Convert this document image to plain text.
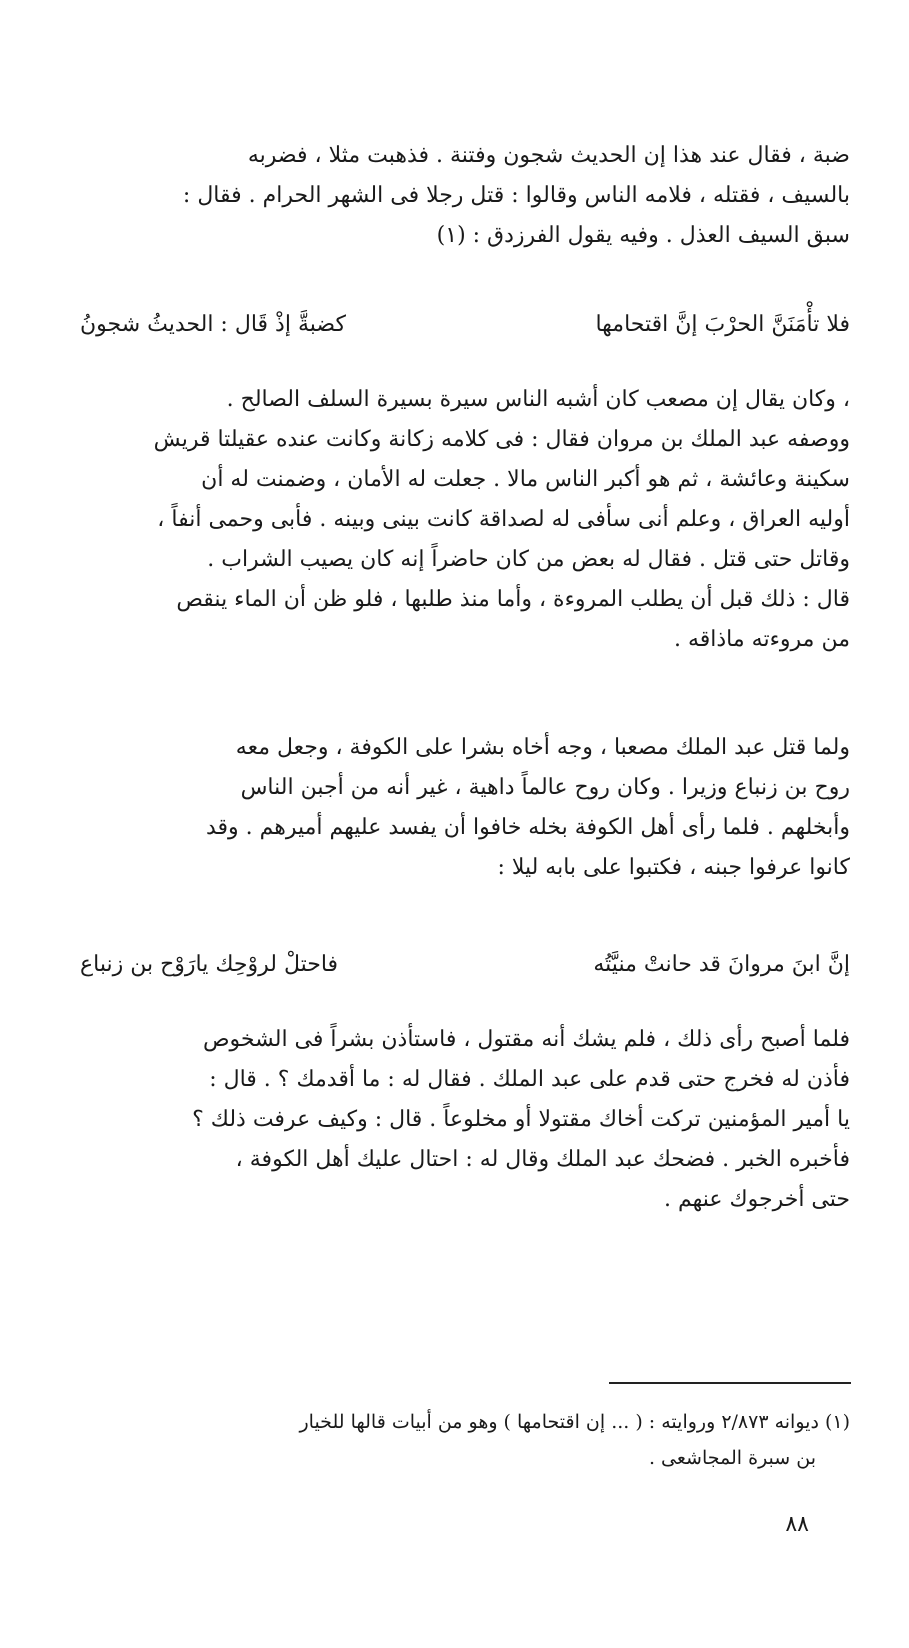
ضبة ، فقال عند هذا إن الحديث شجون وفتنة . فذهبت مثلا ، فضربه
بالسيف ، فقتله ، فلامه الناس وقالوا : قتل رجلا فى الشهر الحرام . فقال :
سبق السيف العذل . وفيه يقول الفرزدق : (١)
فلا تأْمَنَنَّ الحرْبَ إنَّ اقتحامها
كضبةَّ إذْ قَال : الحديثُ شجونُ
، وكان يقال إن مصعب كان أشبه الناس سيرة بسيرة السلف الصالح .
ووصفه عبد الملك بن مروان فقال : فى كلامه زكانة وكانت عنده عقيلتا قريش
سكينة وعائشة ، ثم هو أكبر الناس مالا . جعلت له الأمان ، وضمنت له أن
أوليه العراق ، وعلم أنى سأفى له لصداقة كانت بينى وبينه . فأبى وحمى أنفاً ،
وقاتل حتى قتل . فقال له بعض من كان حاضراً إنه كان يصيب الشراب .
قال : ذلك قبل أن يطلب المروءة ، وأما منذ طلبها ، فلو ظن أن الماء ينقص
من مروءته ماذاقه .
ولما قتل عبد الملك مصعبا ، وجه أخاه بشرا على الكوفة ، وجعل معه
روح بن زنباع وزيرا . وكان روح عالماً داهية ، غير أنه من أجبن الناس
وأبخلهم . فلما رأى أهل الكوفة بخله خافوا أن يفسد عليهم أميرهم . وقد
كانوا عرفوا جبنه ، فكتبوا على بابه ليلا :
إنَّ ابنَ مروانَ قد حانتْ منيَّتُه
فاحتلْ لروْحِك يارَوْح بن زنباع
فلما أصبح رأى ذلك ، فلم يشك أنه مقتول ، فاستأذن بشراً فى الشخوص
فأذن له فخرج حتى قدم على عبد الملك . فقال له : ما أقدمك ؟ . قال :
يا أمير المؤمنين تركت أخاك مقتولا أو مخلوعاً . قال : وكيف عرفت ذلك ؟
فأخبره الخبر . فضحك عبد الملك وقال له : احتال عليك أهل الكوفة ،
حتى أخرجوك عنهم .
(١) ديوانه ٢/٨٧٣ وروايته : ( ... إن اقتحامها ) وهو من أبيات قالها للخيار
بن سبرة المجاشعى .
٨٨
